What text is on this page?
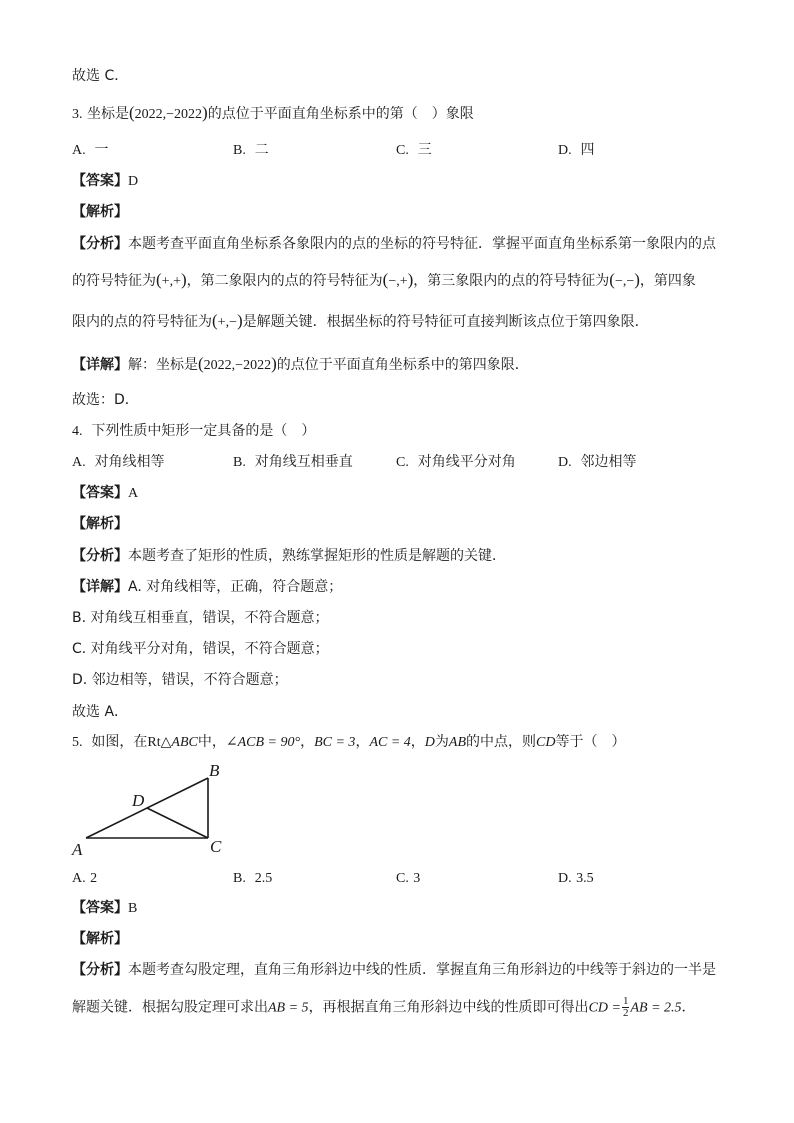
故选 C．
3. 坐标是(2022,−2022)的点位于平面直角坐标系中的第（　）象限
A. 一	B. 二	C. 三	D. 四
【答案】D
【解析】
【分析】本题考查平面直角坐标系各象限内的点的坐标的符号特征．掌握平面直角坐标系第一象限内的点
的符号特征为(+,+)，第二象限内的点的符号特征为(−,+)，第三象限内的点的符号特征为(−,−)，第四象
限内的点的符号特征为(+,−)是解题关键．根据坐标的符号特征可直接判断该点位于第四象限．
【详解】解：坐标是(2022,−2022)的点位于平面直角坐标系中的第四象限．
故选：D．
4. 下列性质中矩形一定具备的是（　）
A. 对角线相等	B. 对角线互相垂直	C. 对角线平分对角	D. 邻边相等
【答案】A
【解析】
【分析】本题考查了矩形的性质，熟练掌握矩形的性质是解题的关键．
【详解】A. 对角线相等，正确，符合题意；
B. 对角线互相垂直，错误，不符合题意；
C. 对角线平分对角，错误，不符合题意；
D. 邻边相等，错误，不符合题意；
故选 A．
5. 如图，在Rt△ABC中，∠ACB = 90°，BC = 3，AC = 4，D为AB的中点，则CD等于（　）
B
D
A	C
A. 2	B. 2.5	C. 3	D. 3.5
【答案】B
【解析】
【分析】本题考查勾股定理，直角三角形斜边中线的性质．掌握直角三角形斜边的中线等于斜边的一半是
解题关键．根据勾股定理可求出AB = 5，再根据直角三角形斜边中线的性质即可得出CD = $\frac{1}{2}$ AB = 2.5．
